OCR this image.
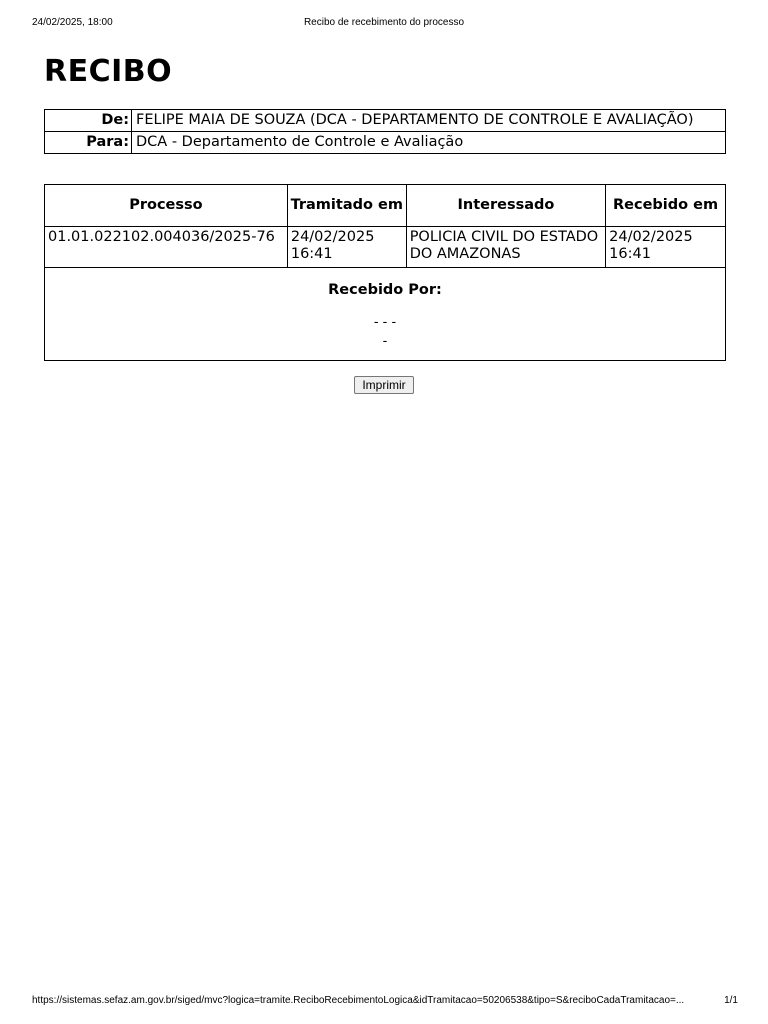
24/02/2025, 18:00	Recibo de recebimento do processo
RECIBO
De:	FELIPE MAIA DE SOUZA (DCA - DEPARTAMENTO DE CONTROLE E AVALIAÇÃO)
Para:	DCA - Departamento de Controle e Avaliação
Processo	Tramitado em	Interessado	Recebido em
01.01.022102.004036/2025-76	24/02/2025 16:41	POLICIA CIVIL DO ESTADO DO AMAZONAS	24/02/2025 16:41

Recebido Por:
- - -
-			
Imprimir
https://sistemas.sefaz.am.gov.br/siged/mvc?logica=tramite.ReciboRecebimentoLogica&idTramitacao=50206538&tipo=S&reciboCadaTramitacao=...	1/1
